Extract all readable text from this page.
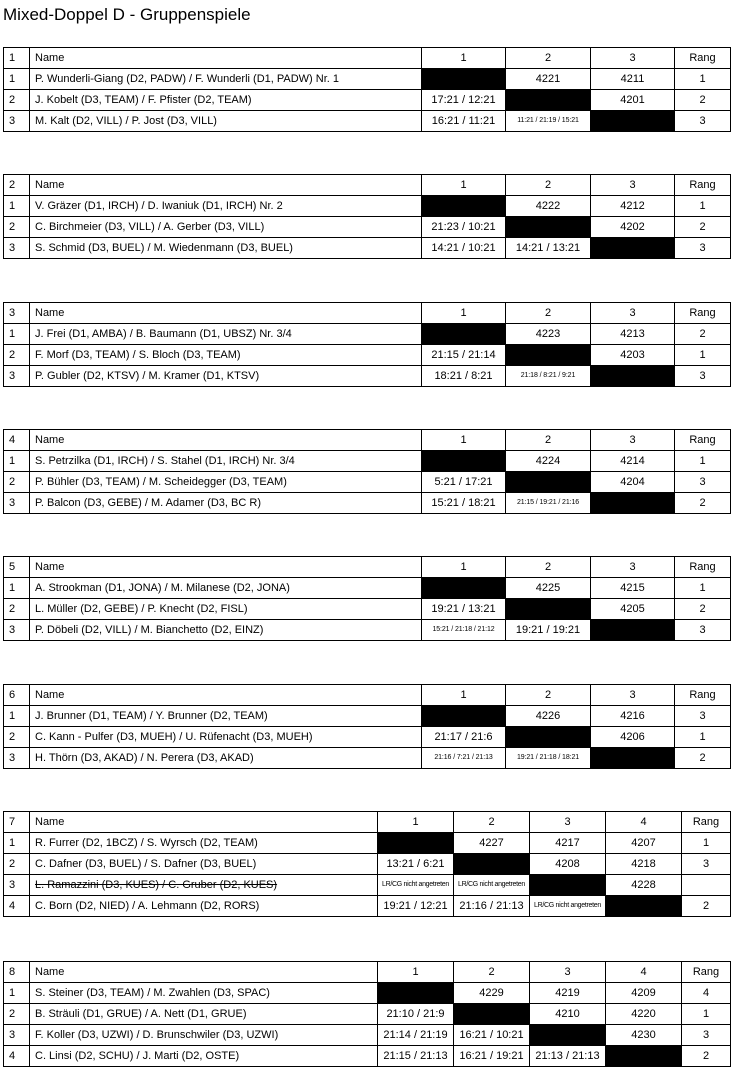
Mixed-Doppel D - Gruppenspiele
1	Name	1	2	3	Rang
1	P. Wunderli-Giang (D2, PADW) / F. Wunderli (D1, PADW) Nr. 1		4221	4211	1
2	J. Kobelt (D3, TEAM) / F. Pfister (D2, TEAM)	17:21 / 12:21		4201	2
3	M. Kalt (D2, VILL) / P. Jost (D3, VILL)	16:21 / 11:21	11:21 / 21:19 / 15:21		3
2	Name	1	2	3	Rang
1	V. Gräzer (D1, IRCH) / D. Iwaniuk (D1, IRCH) Nr. 2		4222	4212	1
2	C. Birchmeier (D3, VILL) / A. Gerber (D3, VILL)	21:23 / 10:21		4202	2
3	S. Schmid (D3, BUEL) / M. Wiedenmann (D3, BUEL)	14:21 / 10:21	14:21 / 13:21		3
3	Name	1	2	3	Rang
1	J. Frei (D1, AMBA) / B. Baumann (D1, UBSZ) Nr. 3/4		4223	4213	2
2	F. Morf (D3, TEAM) / S. Bloch (D3, TEAM)	21:15 / 21:14		4203	1
3	P. Gubler (D2, KTSV) / M. Kramer (D1, KTSV)	18:21 / 8:21	21:18 / 8:21 / 9:21		3
4	Name	1	2	3	Rang
1	S. Petrzilka (D1, IRCH) / S. Stahel (D1, IRCH) Nr. 3/4		4224	4214	1
2	P. Bühler (D3, TEAM) / M. Scheidegger (D3, TEAM)	5:21 / 17:21		4204	3
3	P. Balcon (D3, GEBE) / M. Adamer (D3, BC R)	15:21 / 18:21	21:15 / 19:21 / 21:16		2
5	Name	1	2	3	Rang
1	A. Strookman (D1, JONA) / M. Milanese (D2, JONA)		4225	4215	1
2	L. Müller (D2, GEBE) / P. Knecht (D2, FISL)	19:21 / 13:21		4205	2
3	P. Döbeli (D2, VILL) / M. Bianchetto (D2, EINZ)	15:21 / 21:18 / 21:12	19:21 / 19:21		3
6	Name	1	2	3	Rang
1	J. Brunner (D1, TEAM) / Y. Brunner (D2, TEAM)		4226	4216	3
2	C. Kann - Pulfer (D3, MUEH) / U. Rüfenacht (D3, MUEH)	21:17 / 21:6		4206	1
3	H. Thörn (D3, AKAD) / N. Perera (D3, AKAD)	21:16 / 7:21 / 21:13	19:21 / 21:18 / 18:21		2
7	Name	1	2	3	4	Rang
1	R. Furrer (D2, 1BCZ) / S. Wyrsch (D2, TEAM)		4227	4217	4207	1
2	C. Dafner (D3, BUEL) / S. Dafner (D3, BUEL)	13:21 / 6:21		4208	4218	3
3	L. Ramazzini (D3, KUES) / C. Gruber (D2, KUES)	LR/CG nicht angetreten	LR/CG nicht angetreten		4228	
4	C. Born (D2, NIED) / A. Lehmann (D2, RORS)	19:21 / 12:21	21:16 / 21:13	LR/CG nicht angetreten		2
8	Name	1	2	3	4	Rang
1	S. Steiner (D3, TEAM) / M. Zwahlen (D3, SPAC)		4229	4219	4209	4
2	B. Sträuli (D1, GRUE) / A. Nett (D1, GRUE)	21:10 / 21:9		4210	4220	1
3	F. Koller (D3, UZWI) / D. Brunschwiler (D3, UZWI)	21:14 / 21:19	16:21 / 10:21		4230	3
4	C. Linsi (D2, SCHU) / J. Marti (D2, OSTE)	21:15 / 21:13	16:21 / 19:21	21:13 / 21:13		2
